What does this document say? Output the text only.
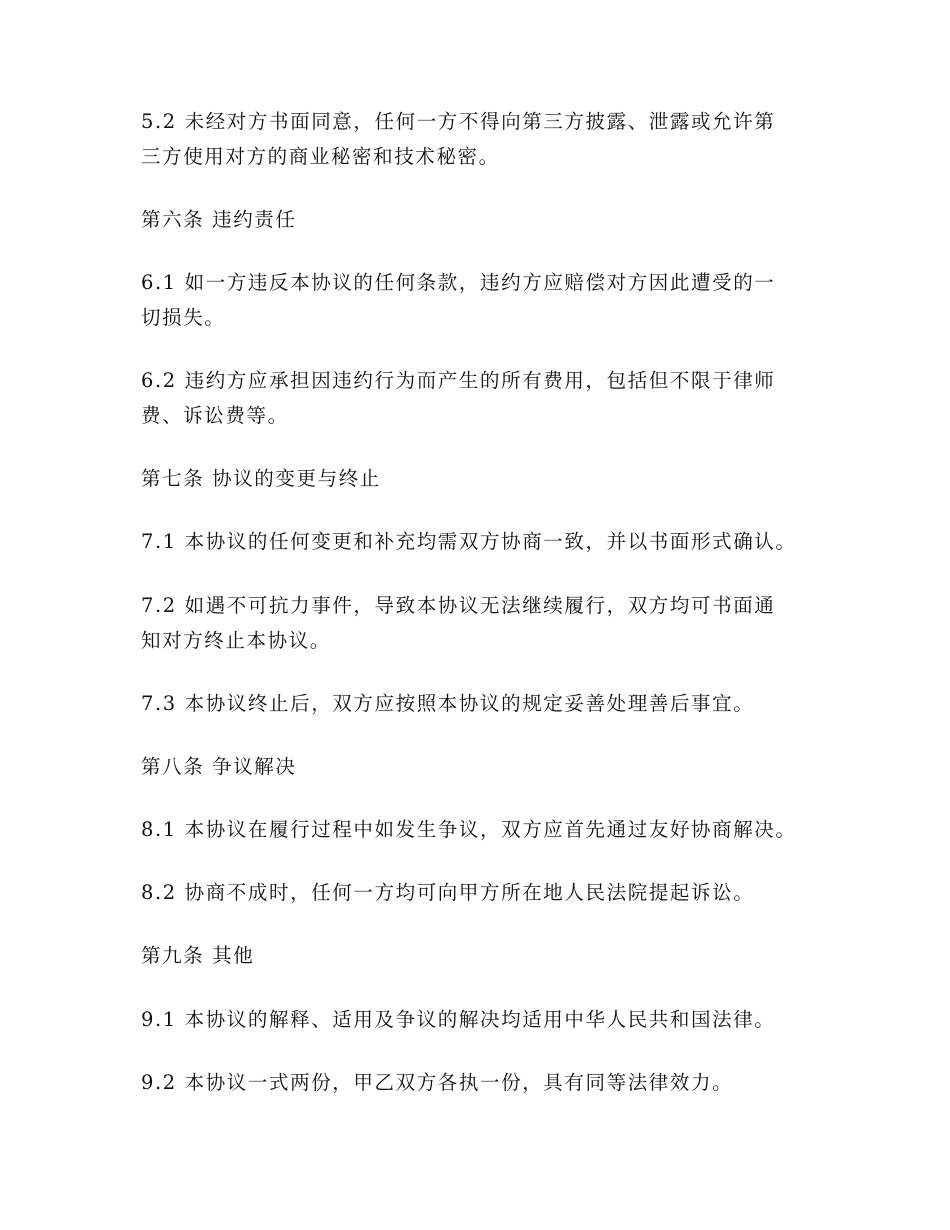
5.2 未经对方书面同意，任何一方不得向第三方披露、泄露或允许第
三方使用对方的商业秘密和技术秘密。
第六条 违约责任
6.1 如一方违反本协议的任何条款，违约方应赔偿对方因此遭受的一
切损失。
6.2 违约方应承担因违约行为而产生的所有费用，包括但不限于律师
费、诉讼费等。
第七条 协议的变更与终止
7.1 本协议的任何变更和补充均需双方协商一致，并以书面形式确认。
7.2 如遇不可抗力事件，导致本协议无法继续履行，双方均可书面通
知对方终止本协议。
7.3 本协议终止后，双方应按照本协议的规定妥善处理善后事宜。
第八条 争议解决
8.1 本协议在履行过程中如发生争议，双方应首先通过友好协商解决。
8.2 协商不成时，任何一方均可向甲方所在地人民法院提起诉讼。
第九条 其他
9.1 本协议的解释、适用及争议的解决均适用中华人民共和国法律。
9.2 本协议一式两份，甲乙双方各执一份，具有同等法律效力。
